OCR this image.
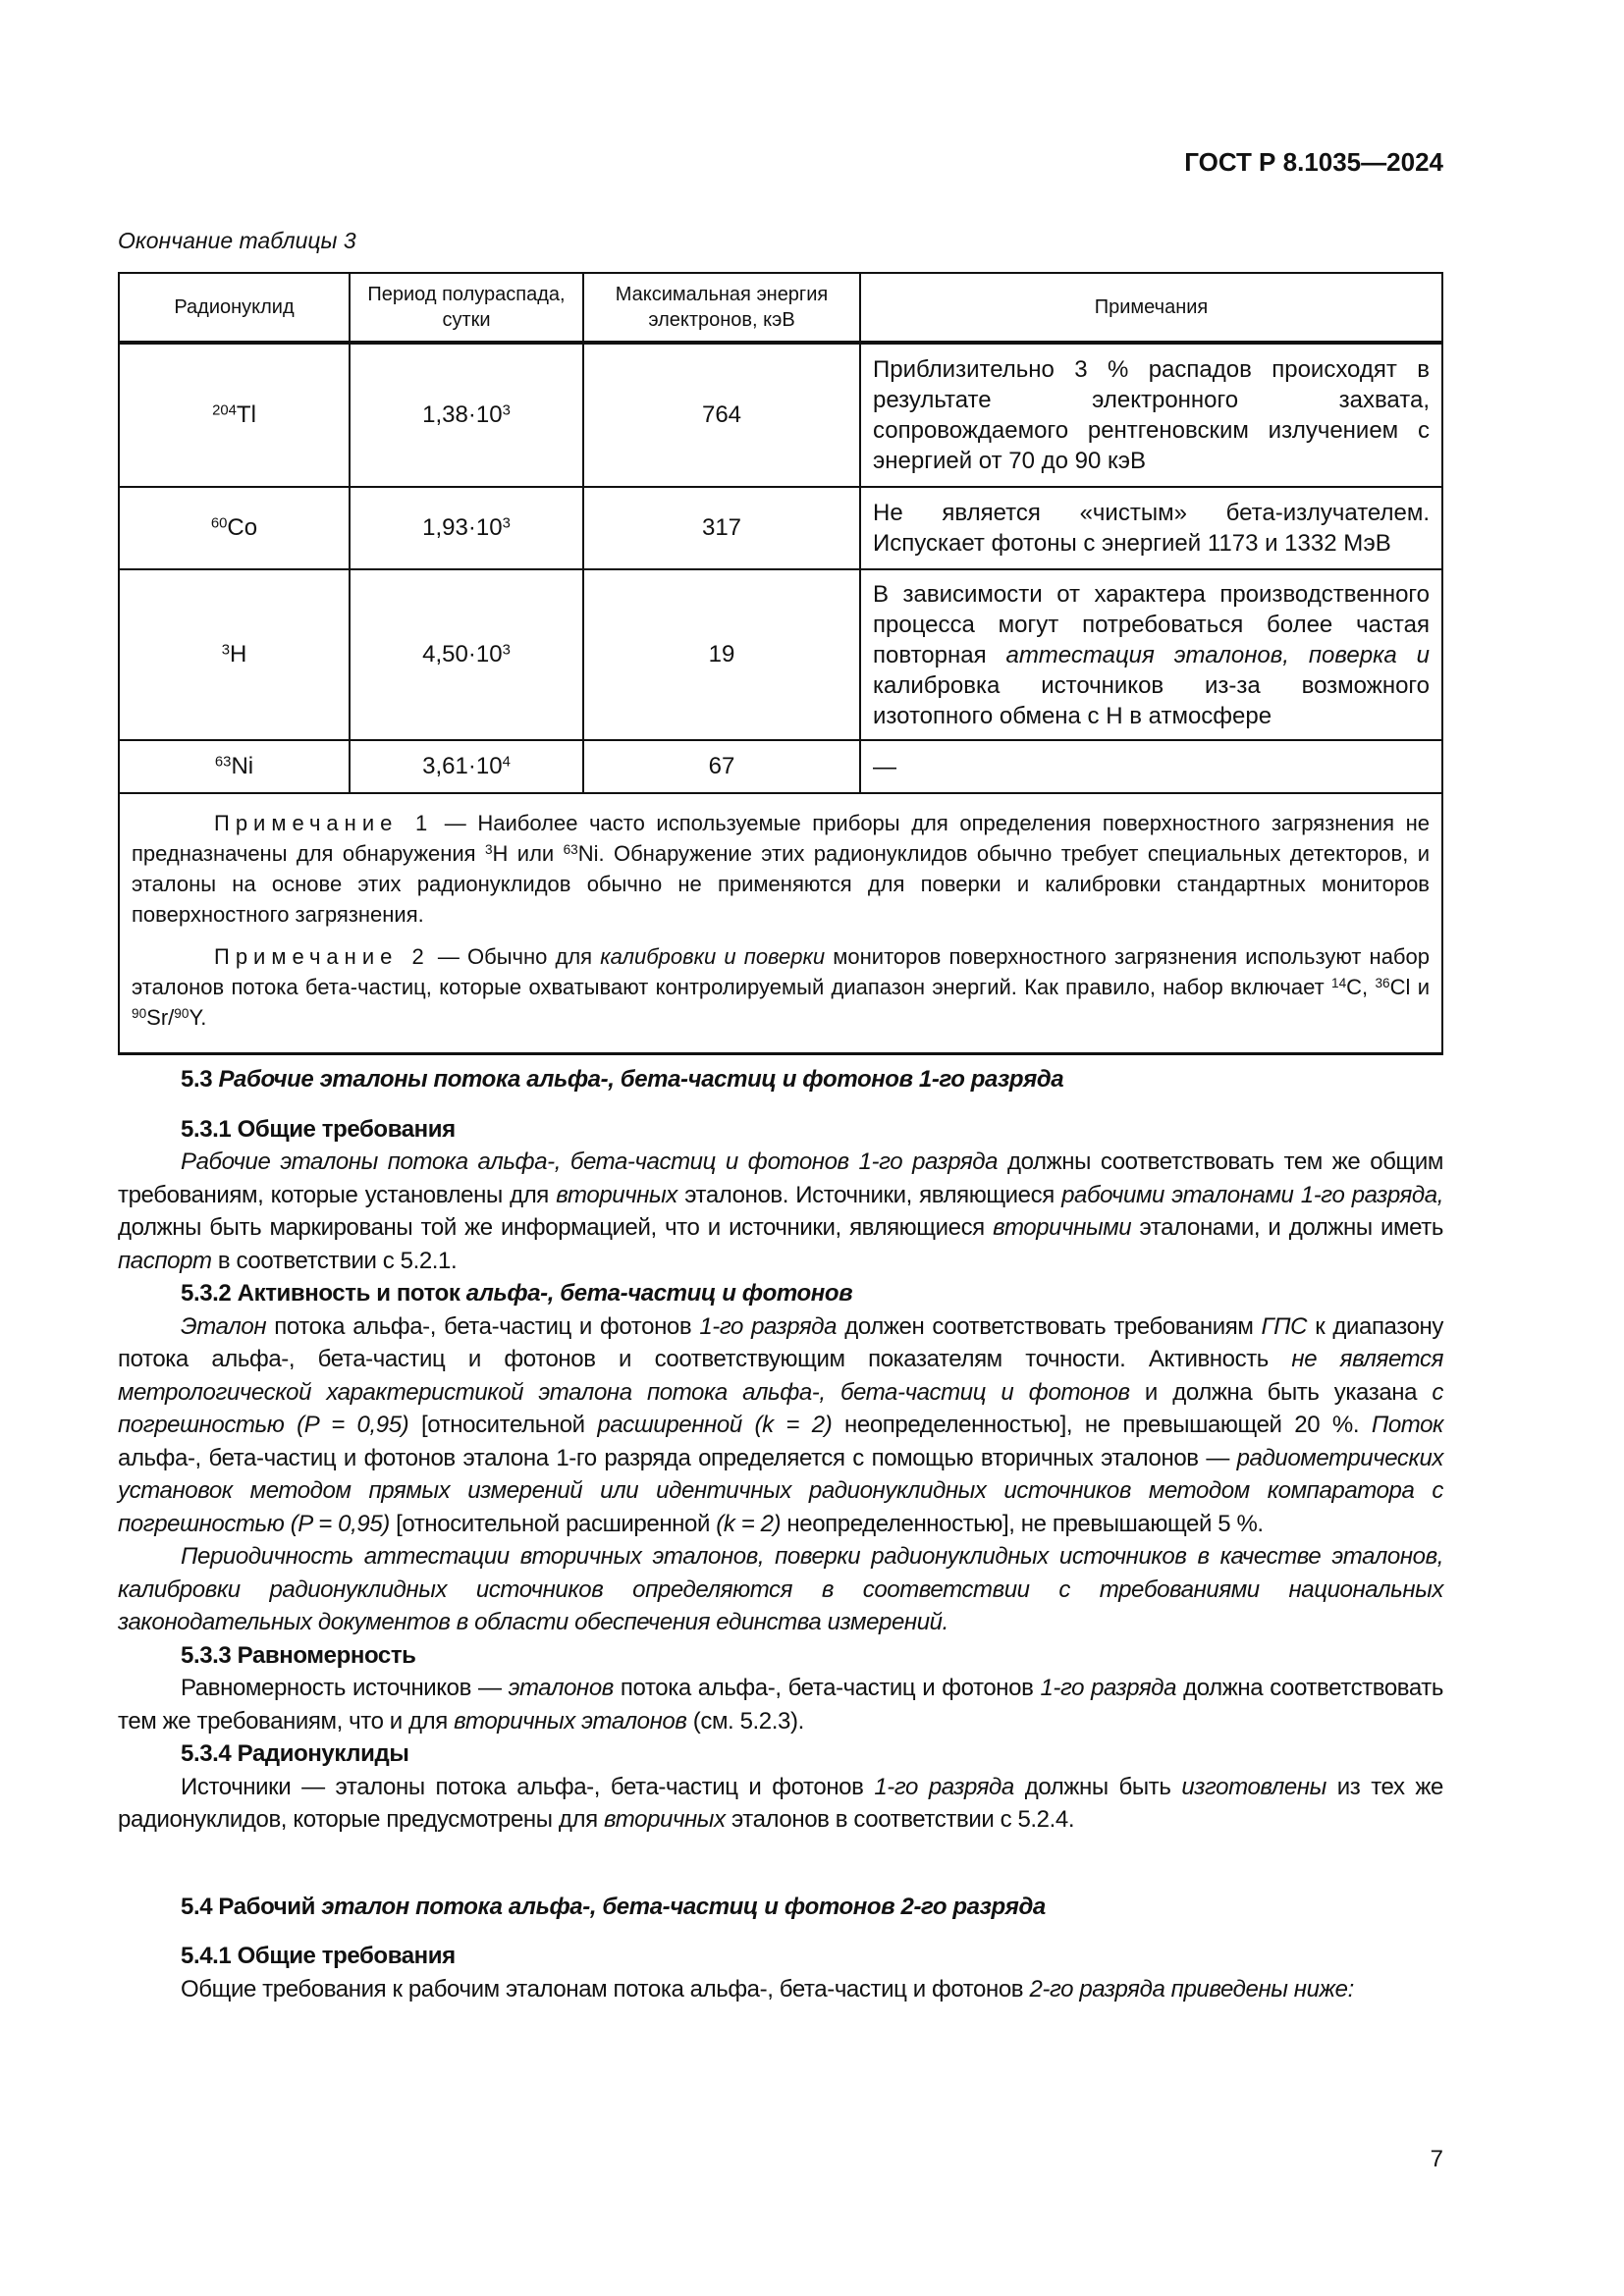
ГОСТ Р 8.1035—2024
Окончание таблицы 3
Радионуклид	Период полураспада, сутки	Максимальная энергия электронов, кэВ	Примечания
$^{204}$Tl	$1,38\cdot 10^3$	764	Приблизительно 3 % распадов происходят в результате электронного захвата, сопровождаемого рентгеновским излучением с энергией от 70 до 90 кэВ
$^{60}$Co	$1,93\cdot 10^3$	317	Не является «чистым» бета-излучателем. Испускает фотоны с энергией 1173 и 1332 МэВ
$^3$H	$4,50\cdot 10^3$	19	В зависимости от характера производственного процесса могут потребоваться более частая повторная аттестация эталонов, поверка и калибровка источников из-за возможного изотопного обмена с H в атмосфере
$^{63}$Ni	$3,61\cdot 10^4$	67	—

Примечание 1 — Наиболее часто используемые приборы для определения поверхностного загрязнения не предназначены для обнаружения $^3$H или $^{63}$Ni. Обнаружение этих радионуклидов обычно требует специальных детекторов, и эталоны на основе этих радионуклидов обычно не применяются для поверки и калибровки стандартных мониторов поверхностного загрязнения.

Примечание 2 — Обычно для калибровки и поверки мониторов поверхностного загрязнения используют набор эталонов потока бета-частиц, которые охватывают контролируемый диапазон энергий. Как правило, набор включает $^{14}$C, $^{36}$Cl и $^{90}$Sr/$^{90}$Y.			

5.3 Рабочие эталоны потока альфа-, бета-частиц и фотонов 1-го разряда
5.3.1 Общие требования

Рабочие эталоны потока альфа-, бета-частиц и фотонов 1-го разряда должны соответствовать тем же общим требованиям, которые установлены для вторичных эталонов. Источники, являющиеся рабочими эталонами 1-го разряда, должны быть маркированы той же информацией, что и источники, являющиеся вторичными эталонами, и должны иметь паспорт в соответствии с 5.2.1.

5.3.2 Активность и поток альфа-, бета-частиц и фотонов

Эталон потока альфа-, бета-частиц и фотонов 1-го разряда должен соответствовать требованиям ГПС к диапазону потока альфа-, бета-частиц и фотонов и соответствующим показателям точности. Активность не является метрологической характеристикой эталона потока альфа-, бета-частиц и фотонов и должна быть указана с погрешностью (P = 0,95) [относительной расширенной (k = 2) неопределенностью], не превышающей 20 %. Поток альфа-, бета-частиц и фотонов эталона 1-го разряда определяется с помощью вторичных эталонов — радиометрических установок методом прямых измерений или идентичных радионуклидных источников методом компаратора с погрешностью (P = 0,95) [относительной расширенной (k = 2) неопределенностью], не превышающей 5 %.

Периодичность аттестации вторичных эталонов, поверки радионуклидных источников в качестве эталонов, калибровки радионуклидных источников определяются в соответствии с требованиями национальных законодательных документов в области обеспечения единства измерений.

5.3.3 Равномерность

Равномерность источников — эталонов потока альфа-, бета-частиц и фотонов 1-го разряда должна соответствовать тем же требованиям, что и для вторичных эталонов (см. 5.2.3).

5.3.4 Радионуклиды

Источники — эталоны потока альфа-, бета-частиц и фотонов 1-го разряда должны быть изготовлены из тех же радионуклидов, которые предусмотрены для вторичных эталонов в соответствии с 5.2.4.

5.4 Рабочий эталон потока альфа-, бета-частиц и фотонов 2-го разряда
5.4.1 Общие требования

Общие требования к рабочим эталонам потока альфа-, бета-частиц и фотонов 2-го разряда приведены ниже:

7
